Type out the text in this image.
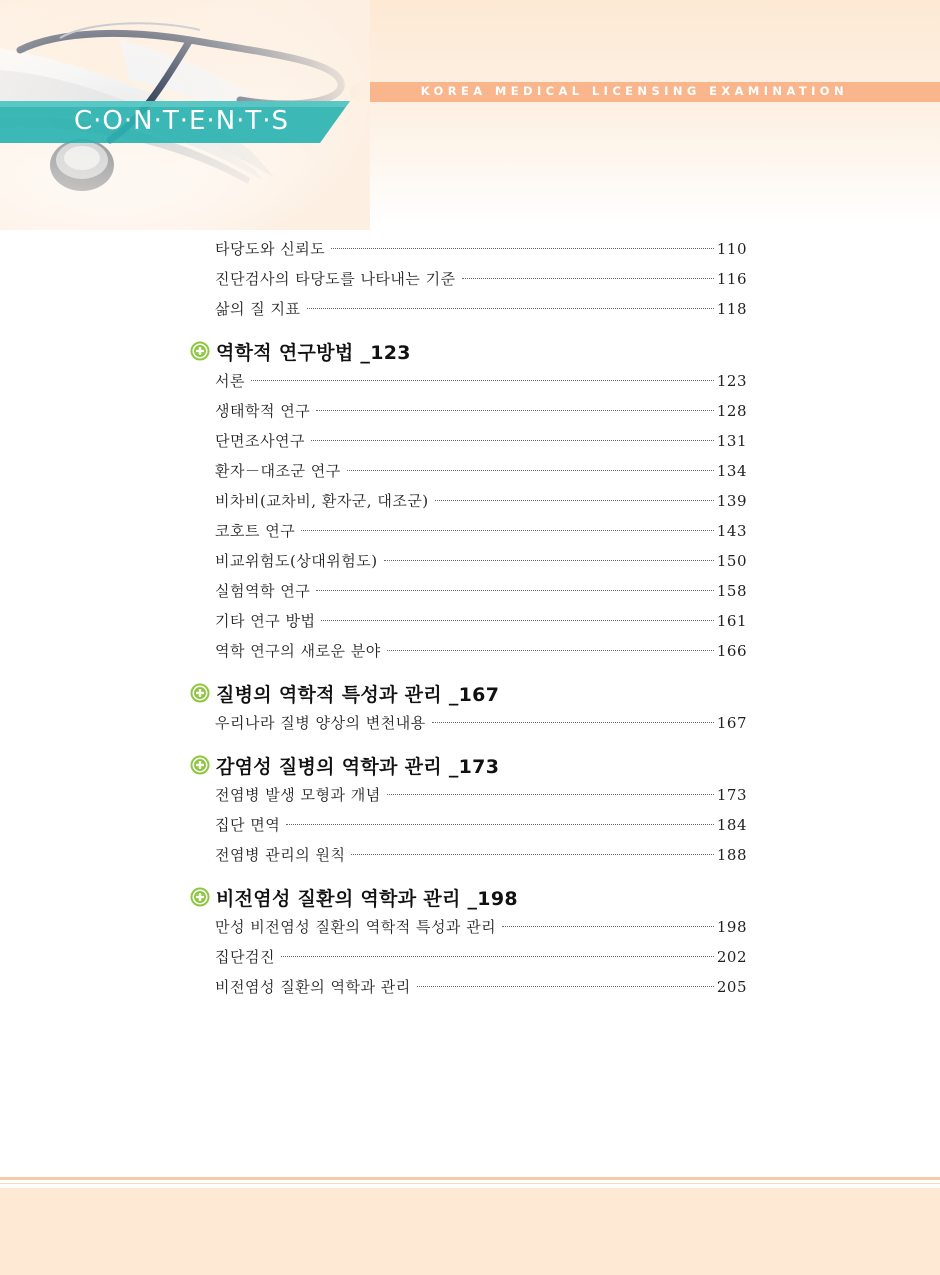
KOREA MEDICAL LICENSING EXAMINATION
C·O·N·T·E·N·T·S
타당도와 신뢰도	110
진단검사의 타당도를 나타내는 기준	116
삶의 질 지표	118
역학적 연구방법 _123
서론	123
생태학적 연구	128
단면조사연구	131
환자－대조군 연구	134
비차비(교차비, 환자군, 대조군)	139
코호트 연구	143
비교위험도(상대위험도)	150
실험역학 연구	158
기타 연구 방법	161
역학 연구의 새로운 분야	166
질병의 역학적 특성과 관리 _167
우리나라 질병 양상의 변천내용	167
감염성 질병의 역학과 관리 _173
전염병 발생 모형과 개념	173
집단 면역	184
전염병 관리의 원칙	188
비전염성 질환의 역학과 관리 _198
만성 비전염성 질환의 역학적 특성과 관리	198
집단검진	202
비전염성 질환의 역학과 관리	205
